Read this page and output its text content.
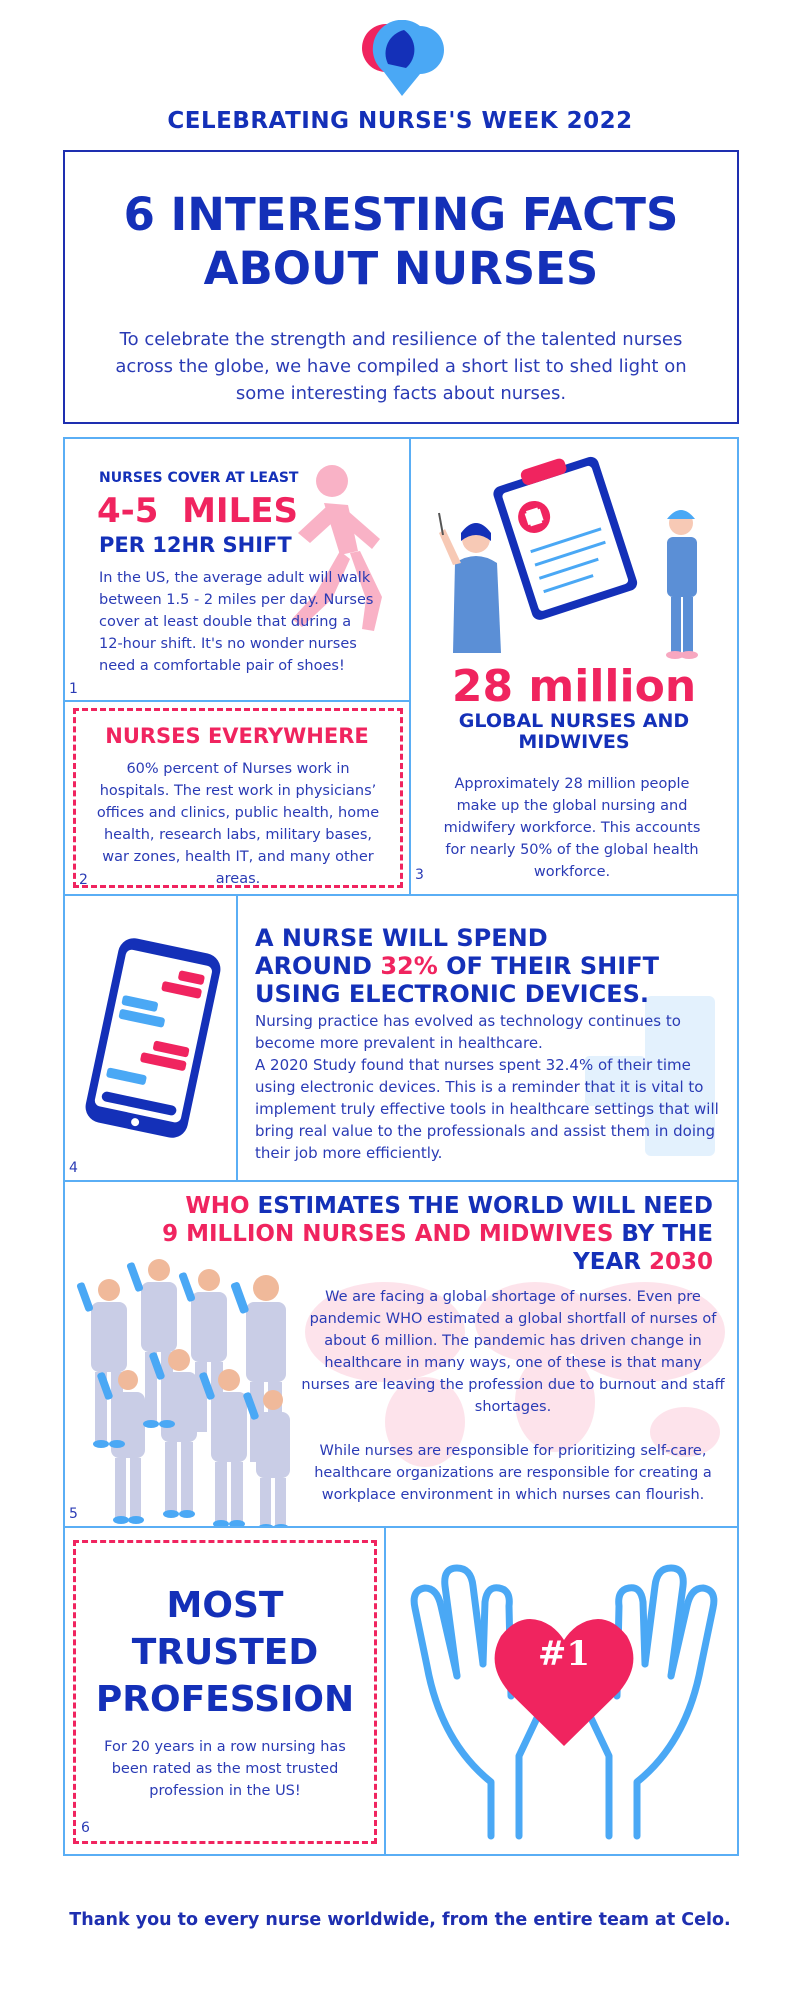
CELEBRATING NURSE'S WEEK 2022
6 INTERESTING FACTS
ABOUT NURSES
To celebrate the strength and resilience of the talented nurses across the globe, we have compiled a short list to shed light on some interesting facts about nurses.
NURSES COVER AT LEAST
4-5  MILES
PER 12HR SHIFT
In the US, the average adult will walk between 1.5 - 2 miles per day. Nurses cover at least double that during a 12-hour shift. It's no wonder nurses need a comfortable pair of shoes!
1
NURSES EVERYWHERE
60% percent of Nurses work in hospitals. The rest work in physicians’ offices and clinics, public health, home health, research labs, military bases, war zones, health IT, and many other areas.
2
28 million
GLOBAL NURSES AND
MIDWIVES
Approximately 28 million people make up the global nursing and midwifery workforce. This accounts for nearly 50% of the global health workforce.
3
A NURSE WILL SPEND
AROUND 32% OF THEIR SHIFT
USING ELECTRONIC DEVICES.
Nursing practice has evolved as technology continues to become more prevalent in healthcare.
A 2020 Study found that nurses spent 32.4% of their time using electronic devices. This is a reminder that it is vital to implement truly effective tools in healthcare settings that will bring real value to the professionals and assist them in doing their job more efficiently.
4
WHO ESTIMATES THE WORLD WILL NEED
9 MILLION NURSES AND MIDWIVES BY THE
YEAR 2030
We are facing a global shortage of nurses. Even pre pandemic WHO estimated a global shortfall of nurses of about 6 million. The pandemic has driven change in healthcare in many ways, one of these is that many nurses are leaving the profession due to burnout and staff shortages.
While nurses are responsible for prioritizing self-care, healthcare organizations are responsible for creating a workplace environment in which nurses can flourish.
5
MOST
TRUSTED
PROFESSION
For 20 years in a row nursing has been rated as the most trusted profession in the US!
6
#1
Thank you to every nurse worldwide, from the entire team at Celo.
